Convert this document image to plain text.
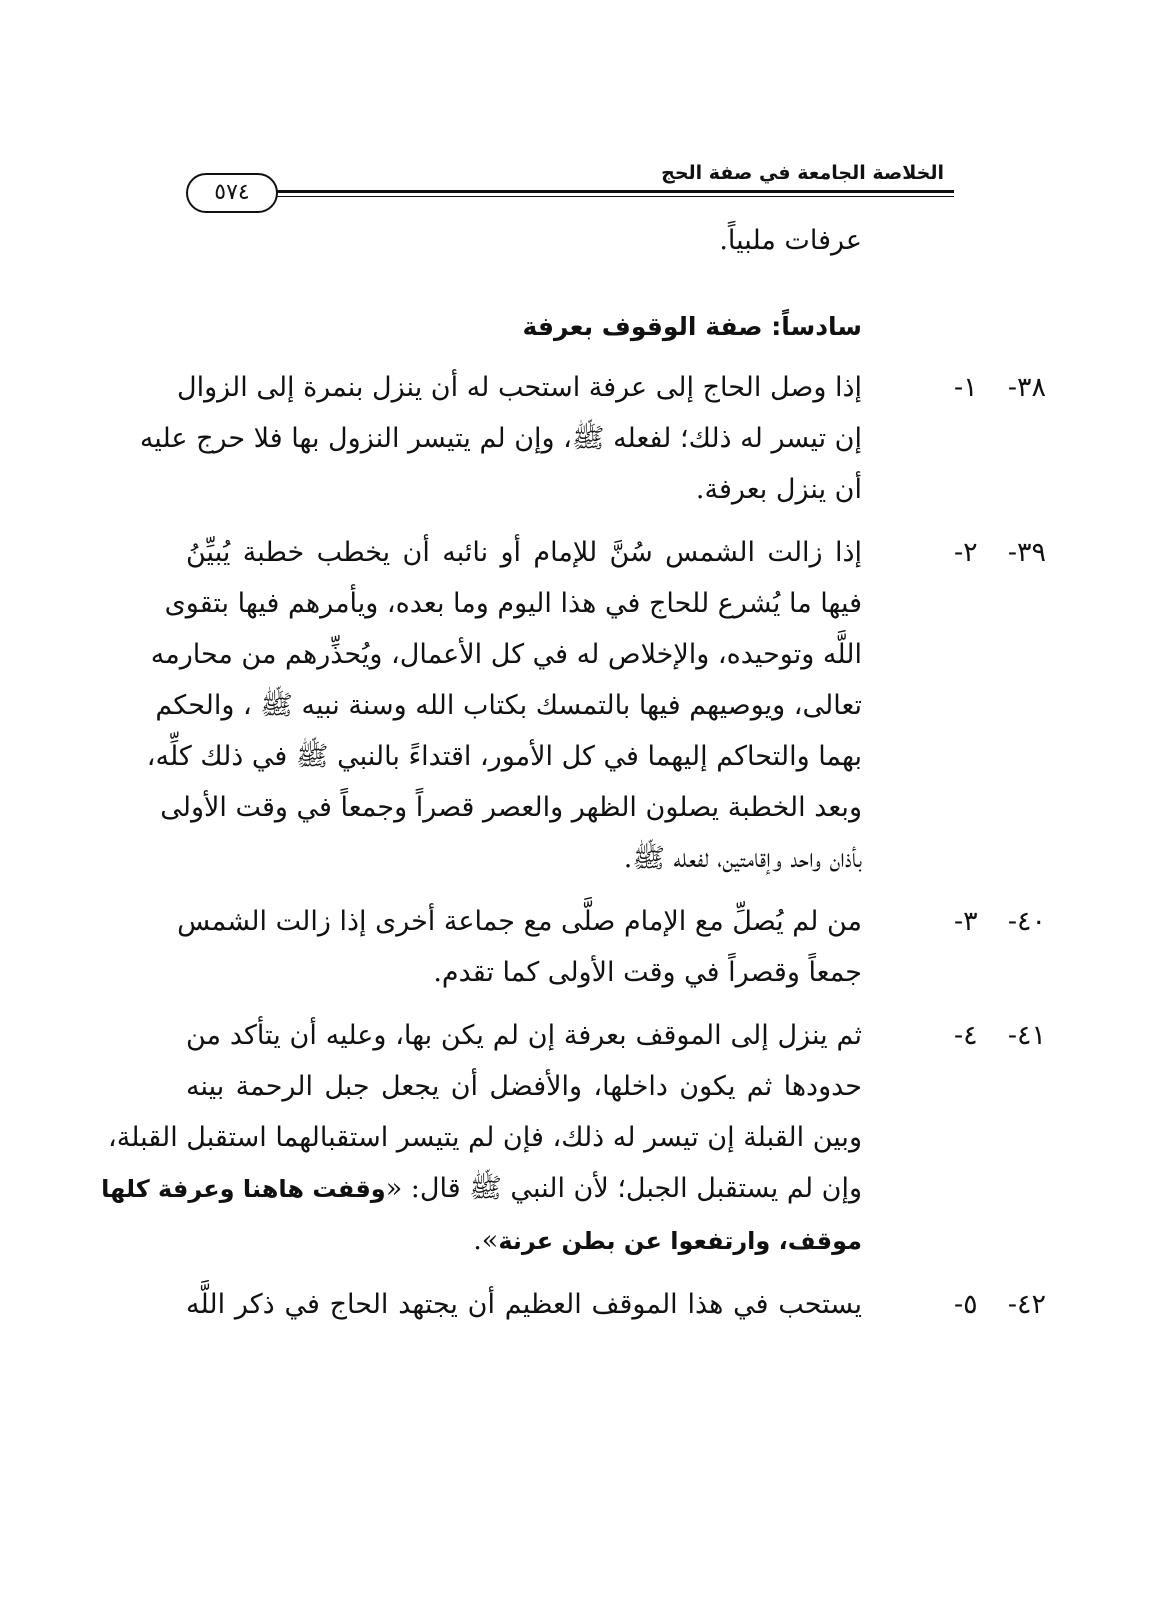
الخلاصة الجامعة في صفة الحج
٥٧٤
عرفات ملبياً.
سادساً: صفة الوقوف بعرفة
٣٨- ١-
إذا وصل الحاج إلى عرفة استحب له أن ينزل بنمرة إلى الزوال
إن تيسر له ذلك؛ لفعله ﷺ، وإن لم يتيسر النزول بها فلا حرج عليه
أن ينزل بعرفة.
٣٩- ٢-
إذا زالت الشمس سُنَّ للإمام أو نائبه أن يخطب خطبة يُبيِّنُ
فيها ما يُشرع للحاج في هذا اليوم وما بعده، ويأمرهم فيها بتقوى
اللَّه وتوحيده، والإخلاص له في كل الأعمال، ويُحذِّرهم من محارمه
تعالى، ويوصيهم فيها بالتمسك بكتاب الله وسنة نبيه ﷺ ، والحكم
بهما والتحاكم إليهما في كل الأمور، اقتداءً بالنبي ﷺ في ذلك كلِّه،
وبعد الخطبة يصلون الظهر والعصر قصراً وجمعاً في وقت الأولى
بأذان واحد وإقامتين، لفعله ﷺ.
٤٠- ٣-
من لم يُصلِّ مع الإمام صلَّى مع جماعة أخرى إذا زالت الشمس
جمعاً وقصراً في وقت الأولى كما تقدم.
٤١- ٤-
ثم ينزل إلى الموقف بعرفة إن لم يكن بها، وعليه أن يتأكد من
حدودها ثم يكون داخلها، والأفضل أن يجعل جبل الرحمة بينه
وبين القبلة إن تيسر له ذلك، فإن لم يتيسر استقبالهما استقبل القبلة،
وإن لم يستقبل الجبل؛ لأن النبي ﷺ قال: «وقفت هاهنا وعرفة كلها
موقف، وارتفعوا عن بطن عرنة».
٤٢- ٥-
يستحب في هذا الموقف العظيم أن يجتهد الحاج في ذكر اللَّه
